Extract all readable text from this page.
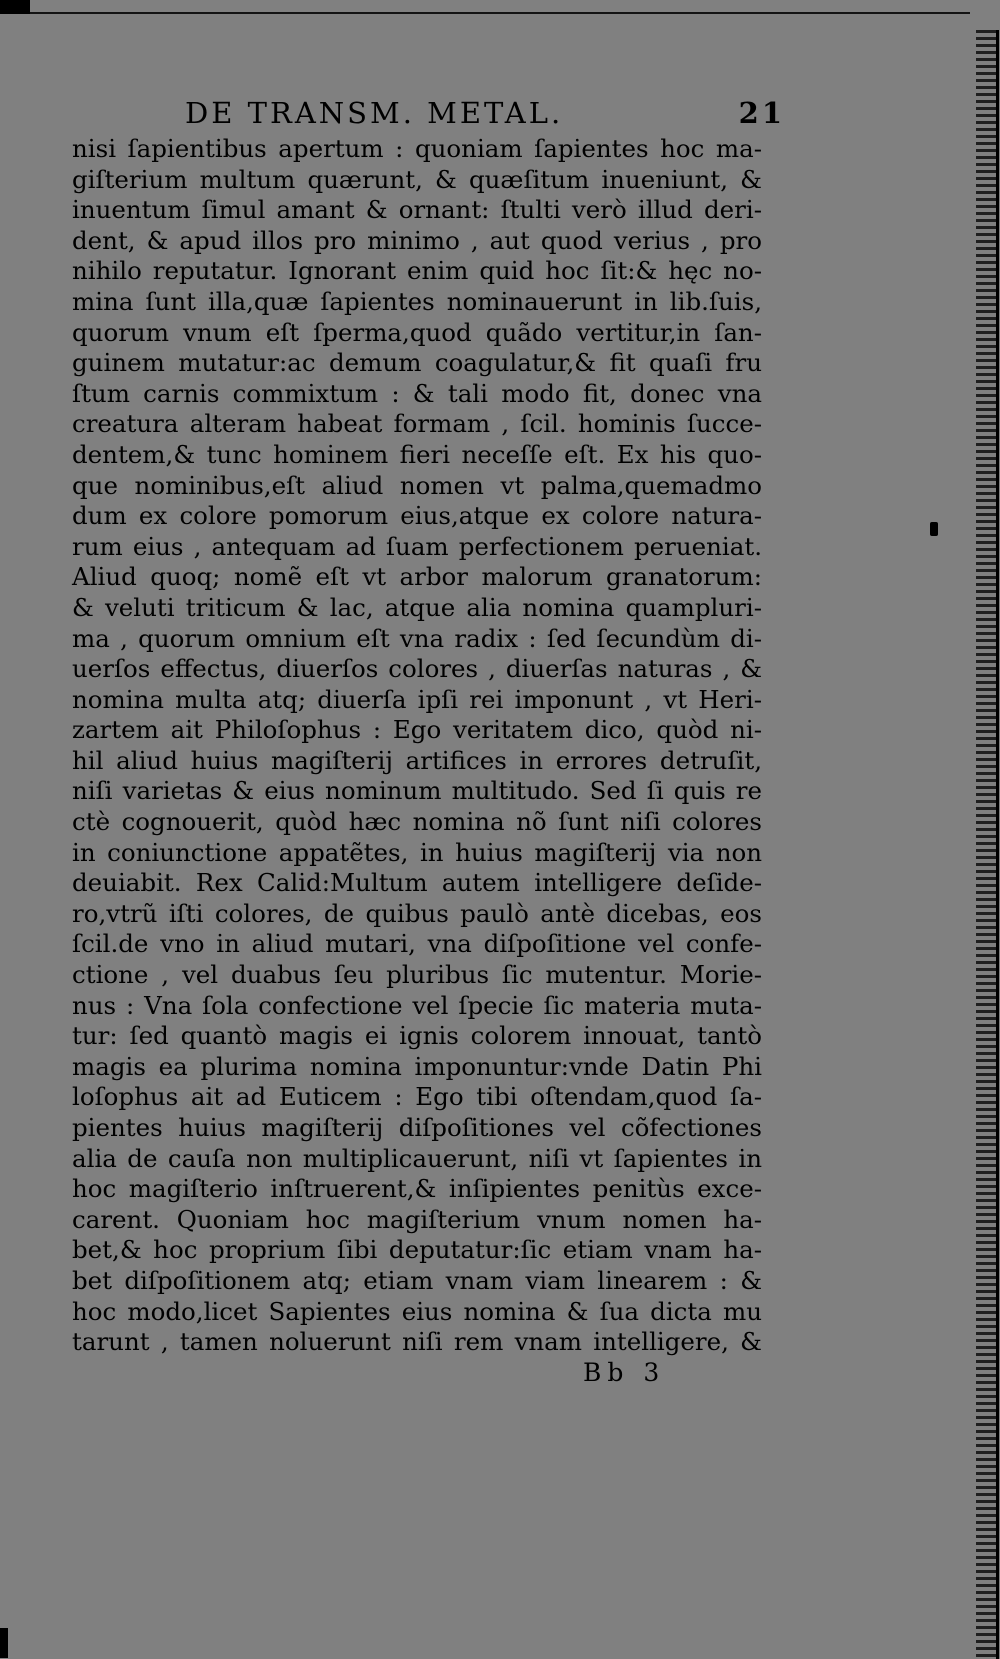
DE TRANSM. METAL.	21
nisi ſapientibus apertum : quoniam ſapientes hoc ma-
giſterium multum quærunt, & quæſitum inueniunt, &
inuentum ſimul amant & ornant: ſtulti verò illud deri-
dent, & apud illos pro minimo , aut quod verius , pro
nihilo reputatur. Ignorant enim quid hoc ſit:& hęc no-
mina ſunt illa,quæ ſapientes nominauerunt in lib.ſuis,
quorum vnum eſt ſperma,quod quãdo vertitur,in ſan-
guinem mutatur:ac demum coagulatur,& fit quaſi fru
ſtum carnis commixtum : & tali modo fit, donec vna
creatura alteram habeat formam , ſcil. hominis ſucce-
dentem,& tunc hominem fieri neceſſe eſt. Ex his quo-
que nominibus,eſt aliud nomen vt palma,quemadmo
dum ex colore pomorum eius,atque ex colore natura-
rum eius , antequam ad ſuam perfectionem perueniat.
Aliud quoq; nomẽ eſt vt arbor malorum granatorum:
& veluti triticum & lac, atque alia nomina quampluri-
ma , quorum omnium eſt vna radix : ſed ſecundùm di-
uerſos effectus, diuerſos colores , diuerſas naturas , &
nomina multa atq; diuerſa ipſi rei imponunt , vt Heri-
zartem ait Philoſophus : Ego veritatem dico, quòd ni-
hil aliud huius magiſterij artifices in errores detruſit,
niſi varietas & eius nominum multitudo. Sed ſi quis re
ctè cognouerit, quòd hæc nomina nõ ſunt niſi colores
in coniunctione appatẽtes, in huius magiſterij via non
deuiabit. Rex Calid:Multum autem intelligere deſide-
ro,vtrũ iſti colores, de quibus paulò antè dicebas, eos
ſcil.de vno in aliud mutari, vna diſpoſitione vel confe-
ctione , vel duabus ſeu pluribus ſic mutentur. Morie-
nus : Vna ſola confectione vel ſpecie ſic materia muta-
tur: ſed quantò magis ei ignis colorem innouat, tantò
magis ea plurima nomina imponuntur:vnde Datin Phi
loſophus ait ad Euticem : Ego tibi oſtendam,quod ſa-
pientes huius magiſterij diſpoſitiones vel cõfectiones
alia de cauſa non multiplicauerunt, niſi vt ſapientes in
hoc magiſterio inſtruerent,& inſipientes penitùs exce-
carent. Quoniam hoc magiſterium vnum nomen ha-
bet,& hoc proprium ſibi deputatur:ſic etiam vnam ha-
bet diſpoſitionem atq; etiam vnam viam linearem : &
hoc modo,licet Sapientes eius nomina & ſua dicta mu
tarunt , tamen noluerunt niſi rem vnam intelligere, &
Bb 3
